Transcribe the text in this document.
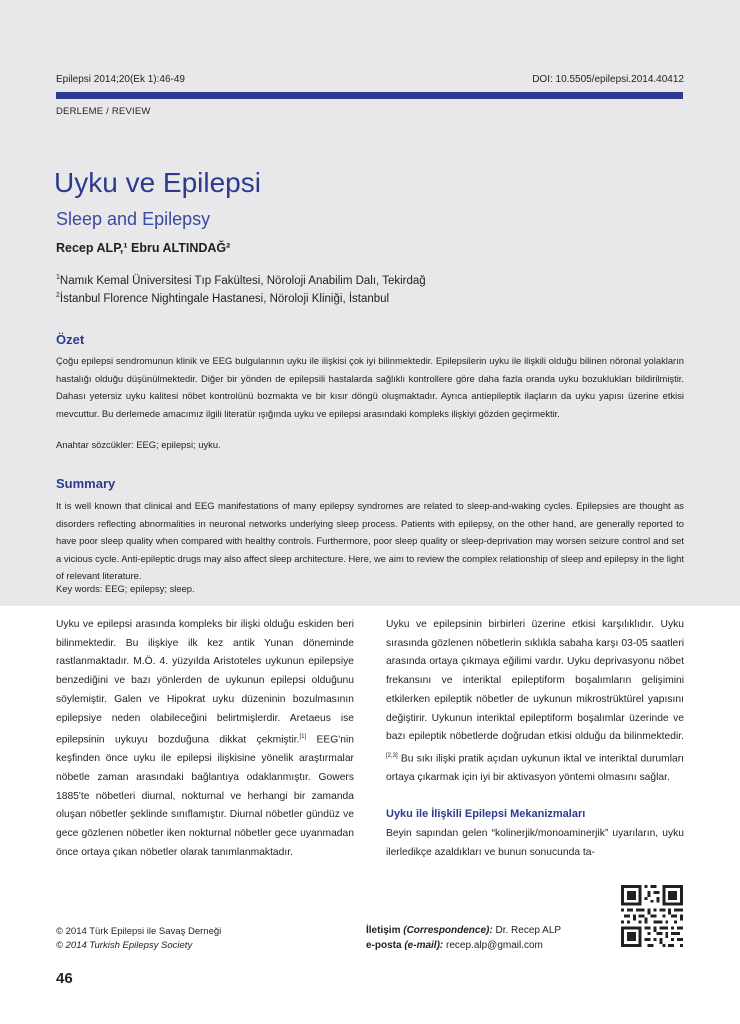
Epilepsi 2014;20(Ek 1):46-49	DOI: 10.5505/epilepsi.2014.40412
DERLEME / REVIEW
Uyku ve Epilepsi
Sleep and Epilepsy
Recep ALP,¹ Ebru ALTINDAĞ²
$^1$Namık Kemal Üniversitesi Tıp Fakültesi, Nöroloji Anabilim Dalı, Tekirdağ
$^2$İstanbul Florence Nightingale Hastanesi, Nöroloji Kliniği, İstanbul
Özet

Çoğu epilepsi sendromunun klinik ve EEG bulgularının uyku ile ilişkisi çok iyi bilinmektedir. Epilepsilerin uyku ile ilişkili olduğu bilinen nöronal yolakların hastalığı olduğu düşünülmektedir. Diğer bir yönden de epilepsili hastalarda sağlıklı kontrollere göre daha fazla oranda uyku bozuklukları bildirilmiştir. Dahası yetersiz uyku kalitesi nöbet kontrolünü bozmakta ve bir kısır döngü oluşmaktadır. Ayrıca antiepileptik ilaçların da uyku yapısı üzerine etkisi mevcuttur. Bu derlemede amacımız ilgili literatür ışığında uyku ve epilepsi arasındaki kompleks ilişkiyi gözden geçirmektir.

Anahtar sözcükler: EEG; epilepsi; uyku.
Summary

It is well known that clinical and EEG manifestations of many epilepsy syndromes are related to sleep-and-waking cycles. Epilepsies are thought as disorders reflecting abnormalities in neuronal networks underlying sleep process. Patients with epilepsy, on the other hand, are generally reported to have poor sleep quality when compared with healthy controls. Furthermore, poor sleep quality or sleep-deprivation may worsen seizure control and set a vicious cycle. Anti-epileptic drugs may also affect sleep architecture. Here, we aim to review the complex relationship of sleep and epilepsy in the light of relevant literature.

Key words: EEG; epilepsy; sleep.

Uyku ve epilepsi arasında kompleks bir ilişki olduğu eskiden beri bilinmektedir. Bu ilişkiye ilk kez antik Yunan döneminde rastlanmaktadır. M.Ö. 4. yüzyılda Aristoteles uykunun epilepsiye benzediğini ve bazı yönlerden de uykunun epilepsi olduğunu söylemiştir. Galen ve Hipokrat uyku düzeninin bozulmasının epilepsiye neden olabileceğini belirtmişlerdir. Aretaeus ise epilepsinin uykuyu bozduğuna dikkat çekmiştir.[1] EEG'nin keşfinden önce uyku ile epilepsi ilişkisine yönelik araştırmalar nöbetle zaman arasındaki bağlantıya odaklanmıştır. Gowers 1885'te nöbetleri diurnal, nokturnal ve herhangi bir zamanda oluşan nöbetler şeklinde sınıflamıştır. Diurnal nöbetler gündüz ve gece gözlenen nöbetler iken nokturnal nöbetler gece uyanmadan önce ortaya çıkan nöbetler olarak tanımlanmaktadır.

Uyku ve epilepsinin birbirleri üzerine etkisi karşılıklıdır. Uyku sırasında gözlenen nöbetlerin sıklıkla sabaha karşı 03-05 saatleri arasında ortaya çıkmaya eğilimi vardır. Uyku deprivasyonu nöbet frekansını ve interiktal epileptiform boşalımların gelişimini etkilerken epileptik nöbetler de uykunun mikrostrüktürel yapısını değiştirir. Uykunun interiktal epileptiform boşalımlar üzerinde ve bazı epileptik nöbetlerde doğrudan etkisi olduğu da bilinmektedir.[2,3] Bu sıkı ilişki pratik açıdan uykunun iktal ve interiktal durumları ortaya çıkarmak için iyi bir aktivasyon yöntemi olmasını sağlar.

Uyku ile İlişkili Epilepsi Mekanizmaları

Beyin sapından gelen “kolinerjik/monoaminerjik” uyarıların, uyku ilerledikçe azaldıkları ve bunun sonucunda ta-

© 2014 Türk Epilepsi ile Savaş Derneği
© 2014 Turkish Epilepsy Society
İletişim (Correspondence): Dr. Recep ALP
e-posta (e-mail): recep.alp@gmail.com
46
